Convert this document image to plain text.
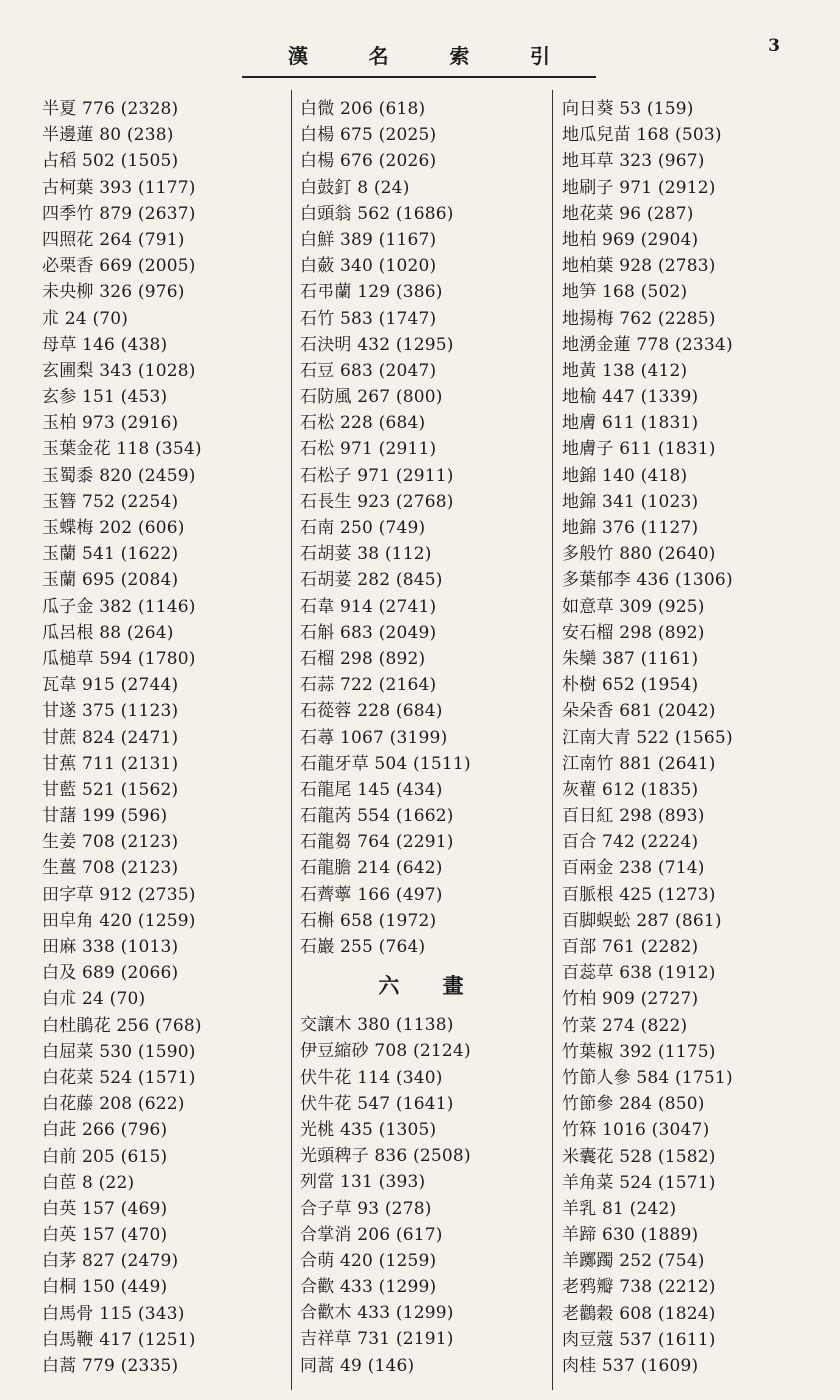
漢	名	索	引	3
半夏 776 (2328)
半邊蓮 80 (238)
占稻 502 (1505)
古柯葉 393 (1177)
四季竹 879 (2637)
四照花 264 (791)
必栗香 669 (2005)
未央柳 326 (976)
朮 24 (70)
母草 146 (438)
玄圃梨 343 (1028)
玄参 151 (453)
玉柏 973 (2916)
玉葉金花 118 (354)
玉蜀黍 820 (2459)
玉簪 752 (2254)
玉蝶梅 202 (606)
玉蘭 541 (1622)
玉蘭 695 (2084)
瓜子金 382 (1146)
瓜呂根 88 (264)
瓜槌草 594 (1780)
瓦韋 915 (2744)
甘遂 375 (1123)
甘蔗 824 (2471)
甘蕉 711 (2131)
甘藍 521 (1562)
甘藷 199 (596)
生姜 708 (2123)
生薑 708 (2123)
田字草 912 (2735)
田皁角 420 (1259)
田麻 338 (1013)
白及 689 (2066)
白朮 24 (70)
白杜鵑花 256 (768)
白屈菜 530 (1590)
白花菜 524 (1571)
白花藤 208 (622)
白茈 266 (796)
白前 205 (615)
白茞 8 (22)
白英 157 (469)
白英 157 (470)
白茅 827 (2479)
白桐 150 (449)
白馬骨 115 (343)
白馬鞭 417 (1251)
白蒿 779 (2335)
白微 206 (618)
白楊 675 (2025)
白楊 676 (2026)
白鼓釘 8 (24)
白頭翁 562 (1686)
白鮮 389 (1167)
白蘞 340 (1020)
石弔蘭 129 (386)
石竹 583 (1747)
石決明 432 (1295)
石豆 683 (2047)
石防風 267 (800)
石松 228 (684)
石松 971 (2911)
石松子 971 (2911)
石長生 923 (2768)
石南 250 (749)
石胡荽 38 (112)
石胡荽 282 (845)
石韋 914 (2741)
石斛 683 (2049)
石榴 298 (892)
石蒜 722 (2164)
石蓯蓉 228 (684)
石蕁 1067 (3199)
石龍牙草 504 (1511)
石龍尾 145 (434)
石龍芮 554 (1662)
石龍芻 764 (2291)
石龍膽 214 (642)
石薺薴 166 (497)
石槲 658 (1972)
石巖 255 (764)
六 畫
交讓木 380 (1138)
伊豆縮砂 708 (2124)
伏牛花 114 (340)
伏牛花 547 (1641)
光桃 435 (1305)
光頭稗子 836 (2508)
列當 131 (393)
合子草 93 (278)
合掌消 206 (617)
合萌 420 (1259)
合歡 433 (1299)
合歡木 433 (1299)
吉祥草 731 (2191)
同蒿 49 (146)
向日葵 53 (159)
地瓜兒苗 168 (503)
地耳草 323 (967)
地刷子 971 (2912)
地花菜 96 (287)
地柏 969 (2904)
地柏葉 928 (2783)
地笋 168 (502)
地揚梅 762 (2285)
地湧金蓮 778 (2334)
地黃 138 (412)
地榆 447 (1339)
地膚 611 (1831)
地膚子 611 (1831)
地錦 140 (418)
地錦 341 (1023)
地錦 376 (1127)
多般竹 880 (2640)
多葉郁李 436 (1306)
如意草 309 (925)
安石榴 298 (892)
朱欒 387 (1161)
朴樹 652 (1954)
朵朵香 681 (2042)
江南大青 522 (1565)
江南竹 881 (2641)
灰藋 612 (1835)
百日紅 298 (893)
百合 742 (2224)
百兩金 238 (714)
百脈根 425 (1273)
百脚蜈蚣 287 (861)
百部 761 (2282)
百蕊草 638 (1912)
竹柏 909 (2727)
竹菜 274 (822)
竹葉椒 392 (1175)
竹節人參 584 (1751)
竹節參 284 (850)
竹箖 1016 (3047)
米囊花 528 (1582)
羊角菜 524 (1571)
羊乳 81 (242)
羊蹄 630 (1889)
羊躑躅 252 (754)
老鸦瓣 738 (2212)
老鸛穀 608 (1824)
肉豆蔻 537 (1611)
肉桂 537 (1609)
